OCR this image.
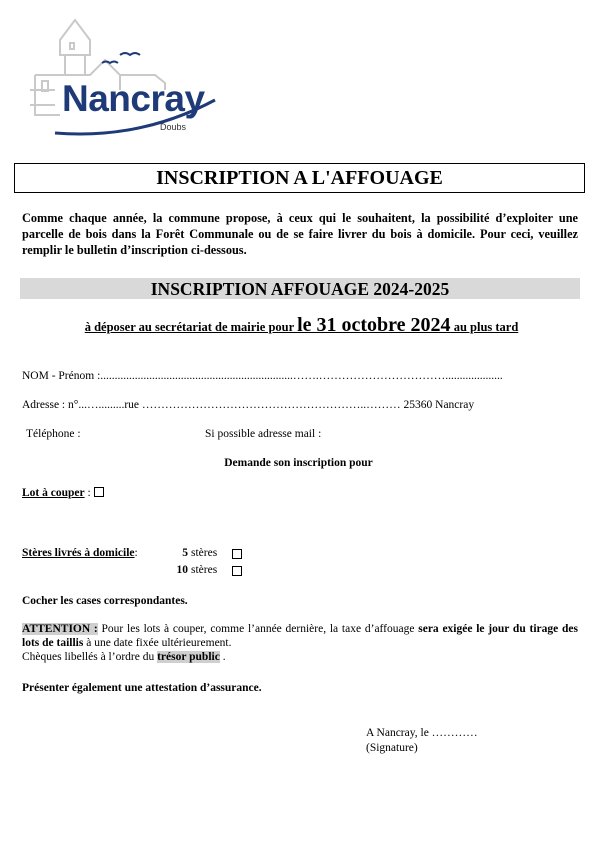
Nancray
Doubs
INSCRIPTION A L'AFFOUAGE
Comme chaque année, la commune propose, à ceux qui le souhaitent, la possibilité d’exploiter une parcelle de bois dans la Forêt Communale ou de se faire livrer du bois à domicile. Pour ceci, veuillez remplir le bulletin d’inscription ci-dessous.
INSCRIPTION AFFOUAGE 2024-2025
à déposer au secrétariat de mairie pour le 31 octobre 2024 au plus tard
NOM - Prénom :...................................................................…….……………………………....................
Adresse : n°...….........rue …………………………………………………..……… 25360 Nancray
Téléphone :	Si possible adresse mail :
Demande son inscription pour
Lot à couper :
Stères livrés à domicile:	5 stères
10 stères
Cocher les cases correspondantes.
ATTENTION : Pour les lots à couper, comme l’année dernière, la taxe d’affouage sera exigée le jour du tirage des lots de taillis à une date fixée ultérieurement.
Chèques libellés à l’ordre du trésor public .
Présenter également une attestation d’assurance.
A Nancray, le …………
(Signature)
